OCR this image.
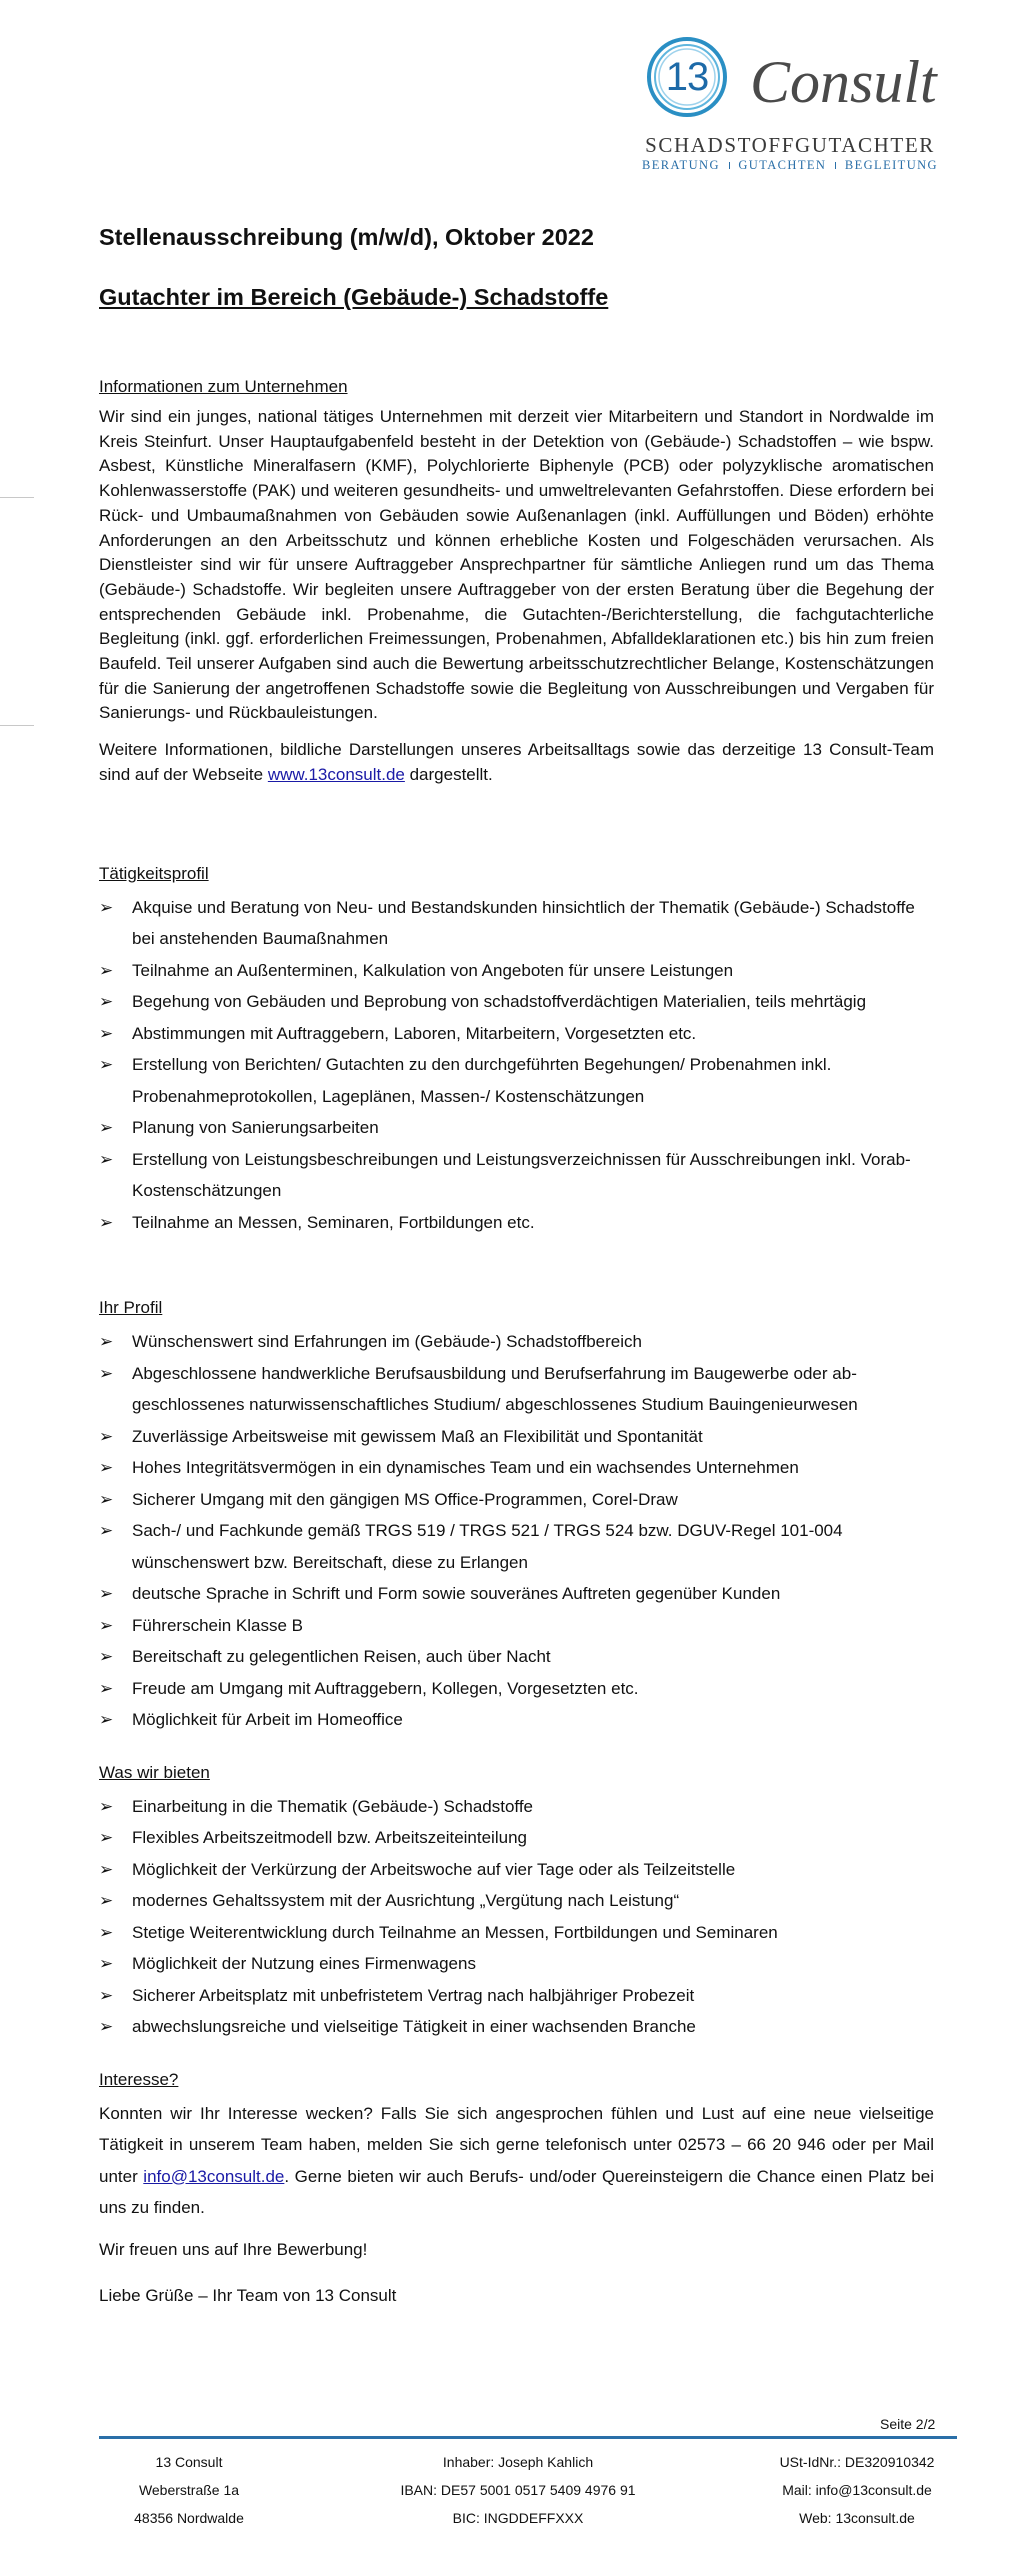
13 Consult
SCHADSTOFFGUTACHTER
BERATUNG GUTACHTEN BEGLEITUNG
Stellenausschreibung (m/w/d), Oktober 2022
Gutachter im Bereich (Gebäude-) Schadstoffe
Informationen zum Unternehmen

Wir sind ein junges, national tätiges Unternehmen mit derzeit vier Mitarbeitern und Standort in Nordwalde im Kreis Steinfurt. Unser Hauptaufgabenfeld besteht in der Detektion von (Gebäude-) Schadstoffen – wie bspw. Asbest, Künstliche Mineralfasern (KMF), Polychlorierte Biphenyle (PCB) oder polyzyklische aromatischen Kohlenwasserstoffe (PAK) und weiteren gesundheits- und umweltrelevanten Gefahrstoffen. Diese erfordern bei Rück- und Umbaumaßnahmen von Gebäuden sowie Außenanlagen (inkl. Auffüllungen und Böden) erhöhte Anforderungen an den Arbeitsschutz und können erhebliche Kosten und Folgeschäden verursachen. Als Dienstleister sind wir für unsere Auftraggeber Ansprechpartner für sämtliche Anliegen rund um das Thema (Gebäude-) Schadstoffe. Wir begleiten unsere Auftraggeber von der ersten Beratung über die Begehung der entsprechenden Gebäude inkl. Probenahme, die Gutachten-/Berichterstellung, die fachgutachterliche Begleitung (inkl. ggf. erforderlichen Freimessungen, Probenahmen, Abfalldeklarationen etc.) bis hin zum freien Baufeld. Teil unserer Aufgaben sind auch die Bewertung arbeitsschutzrechtlicher Belange, Kostenschätzungen für die Sanierung der angetroffenen Schadstoffe sowie die Begleitung von Ausschreibungen und Vergaben für Sanierungs- und Rückbauleistungen.

Weitere Informationen, bildliche Darstellungen unseres Arbeitsalltags sowie das derzeitige 13 Consult-Team sind auf der Webseite www.13consult.de dargestellt.

Tätigkeitsprofil
➢ Akquise und Beratung von Neu- und Bestandskunden hinsichtlich der Thematik (Gebäude-) Schadstoffe bei anstehenden Baumaßnahmen
➢ Teilnahme an Außenterminen, Kalkulation von Angeboten für unsere Leistungen
➢ Begehung von Gebäuden und Beprobung von schadstoffverdächtigen Materialien, teils mehrtägig
➢ Abstimmungen mit Auftraggebern, Laboren, Mitarbeitern, Vorgesetzten etc.
➢ Erstellung von Berichten/ Gutachten zu den durchgeführten Begehungen/ Probenahmen inkl. Probenahmeprotokollen, Lageplänen, Massen-/ Kostenschätzungen
➢ Planung von Sanierungsarbeiten
➢ Erstellung von Leistungsbeschreibungen und Leistungsverzeichnissen für Ausschreibungen inkl. Vorab-Kostenschätzungen
➢ Teilnahme an Messen, Seminaren, Fortbildungen etc.
Ihr Profil
➢ Wünschenswert sind Erfahrungen im (Gebäude-) Schadstoffbereich
➢ Abgeschlossene handwerkliche Berufsausbildung und Berufserfahrung im Baugewerbe oder abgeschlossenes naturwissenschaftliches Studium/ abgeschlossenes Studium Bauingenieurwesen
➢ Zuverlässige Arbeitsweise mit gewissem Maß an Flexibilität und Spontanität
➢ Hohes Integritätsvermögen in ein dynamisches Team und ein wachsendes Unternehmen
➢ Sicherer Umgang mit den gängigen MS Office-Programmen, Corel-Draw
➢ Sach-/ und Fachkunde gemäß TRGS 519 / TRGS 521 / TRGS 524 bzw. DGUV-Regel 101-004 wünschenswert bzw. Bereitschaft, diese zu Erlangen
➢ deutsche Sprache in Schrift und Form sowie souveränes Auftreten gegenüber Kunden
➢ Führerschein Klasse B
➢ Bereitschaft zu gelegentlichen Reisen, auch über Nacht
➢ Freude am Umgang mit Auftraggebern, Kollegen, Vorgesetzten etc.
➢ Möglichkeit für Arbeit im Homeoffice
Was wir bieten
➢ Einarbeitung in die Thematik (Gebäude-) Schadstoffe
➢ Flexibles Arbeitszeitmodell bzw. Arbeitszeiteinteilung
➢ Möglichkeit der Verkürzung der Arbeitswoche auf vier Tage oder als Teilzeitstelle
➢ modernes Gehaltssystem mit der Ausrichtung „Vergütung nach Leistung“
➢ Stetige Weiterentwicklung durch Teilnahme an Messen, Fortbildungen und Seminaren
➢ Möglichkeit der Nutzung eines Firmenwagens
➢ Sicherer Arbeitsplatz mit unbefristetem Vertrag nach halbjähriger Probezeit
➢ abwechslungsreiche und vielseitige Tätigkeit in einer wachsenden Branche
Interesse?

Konnten wir Ihr Interesse wecken? Falls Sie sich angesprochen fühlen und Lust auf eine neue vielseitige Tätigkeit in unserem Team haben, melden Sie sich gerne telefonisch unter 02573 – 66 20 946 oder per Mail unter info@13consult.de. Gerne bieten wir auch Berufs- und/oder Quereinsteigern die Chance einen Platz bei uns zu finden.

Wir freuen uns auf Ihre Bewerbung!

Liebe Grüße – Ihr Team von 13 Consult

Seite 2/2
13 Consult
Weberstraße 1a
48356 Nordwalde
Inhaber: Joseph Kahlich
IBAN: DE57 5001 0517 5409 4976 91
BIC: INGDDEFFXXX
USt-IdNr.: DE320910342
Mail: info@13consult.de
Web: 13consult.de
